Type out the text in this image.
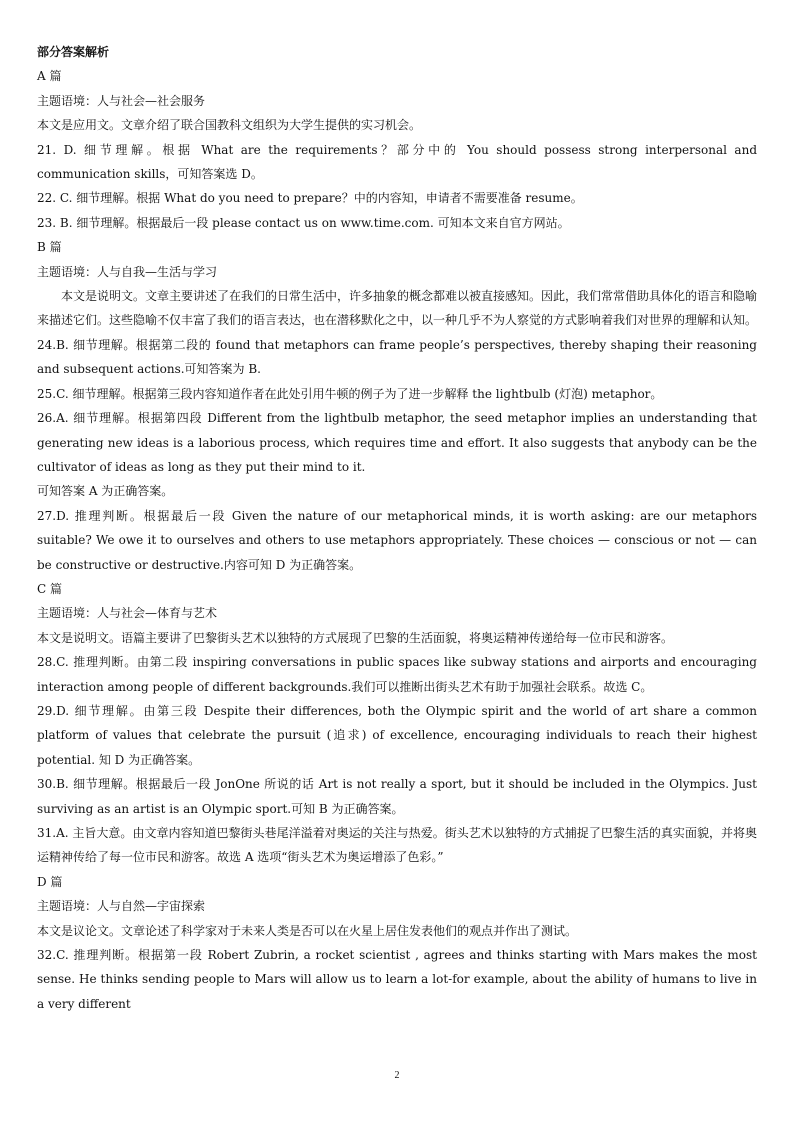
部分答案解析

A 篇

主题语境：人与社会—社会服务

本文是应用文。文章介绍了联合国教科文组织为大学生提供的实习机会。

21. D. 细节理解。根据 What are the requirements？部分中的 You should possess strong interpersonal and communication skills，可知答案选 D。

22. C. 细节理解。根据 What do you need to prepare？中的内容知，申请者不需要准备 resume。

23. B. 细节理解。根据最后一段 please contact us on www.time.com. 可知本文来自官方网站。

B 篇

主题语境：人与自我—生活与学习

本文是说明文。文章主要讲述了在我们的日常生活中，许多抽象的概念都难以被直接感知。因此，我们常常借助具体化的语言和隐喻来描述它们。这些隐喻不仅丰富了我们的语言表达，也在潜移默化之中，以一种几乎不为人察觉的方式影响着我们对世界的理解和认知。

24.B. 细节理解。根据第二段的 found that metaphors can frame people’s perspectives, thereby shaping their reasoning and subsequent actions.可知答案为 B.

25.C. 细节理解。根据第三段内容知道作者在此处引用牛顿的例子为了进一步解释 the lightbulb (灯泡) metaphor。

26.A. 细节理解。根据第四段 Different from the lightbulb metaphor, the seed metaphor implies an understanding that generating new ideas is a laborious process, which requires time and effort. It also suggests that anybody can be the cultivator of ideas as long as they put their mind to it.

可知答案 A 为正确答案。

27.D. 推理判断。根据最后一段 Given the nature of our metaphorical minds, it is worth asking: are our metaphors suitable? We owe it to ourselves and others to use metaphors appropriately. These choices — conscious or not — can be constructive or destructive.内容可知 D 为正确答案。

C 篇

主题语境：人与社会—体育与艺术

本文是说明文。语篇主要讲了巴黎街头艺术以独特的方式展现了巴黎的生活面貌，将奥运精神传递给每一位市民和游客。

28.C. 推理判断。由第二段 inspiring conversations in public spaces like subway stations and airports and encouraging interaction among people of different backgrounds.我们可以推断出街头艺术有助于加强社会联系。故选 C。

29.D. 细节理解。由第三段 Despite their differences, both the Olympic spirit and the world of art share a common platform of values that celebrate the pursuit (追求) of excellence, encouraging individuals to reach their highest potential. 知 D 为正确答案。

30.B. 细节理解。根据最后一段 JonOne 所说的话 Art is not really a sport, but it should be included in the Olympics. Just surviving as an artist is an Olympic sport.可知 B 为正确答案。

31.A. 主旨大意。由文章内容知道巴黎街头巷尾洋溢着对奥运的关注与热爱。街头艺术以独特的方式捕捉了巴黎生活的真实面貌，并将奥运精神传给了每一位市民和游客。故选 A 选项“街头艺术为奥运增添了色彩。”

D 篇

主题语境：人与自然—宇宙探索

本文是议论文。文章论述了科学家对于未来人类是否可以在火星上居住发表他们的观点并作出了测试。

32.C. 推理判断。根据第一段 Robert Zubrin, a rocket scientist , agrees and thinks starting with Mars makes the most sense. He thinks sending people to Mars will allow us to learn a lot-for example, about the ability of humans to live in a very different

2
